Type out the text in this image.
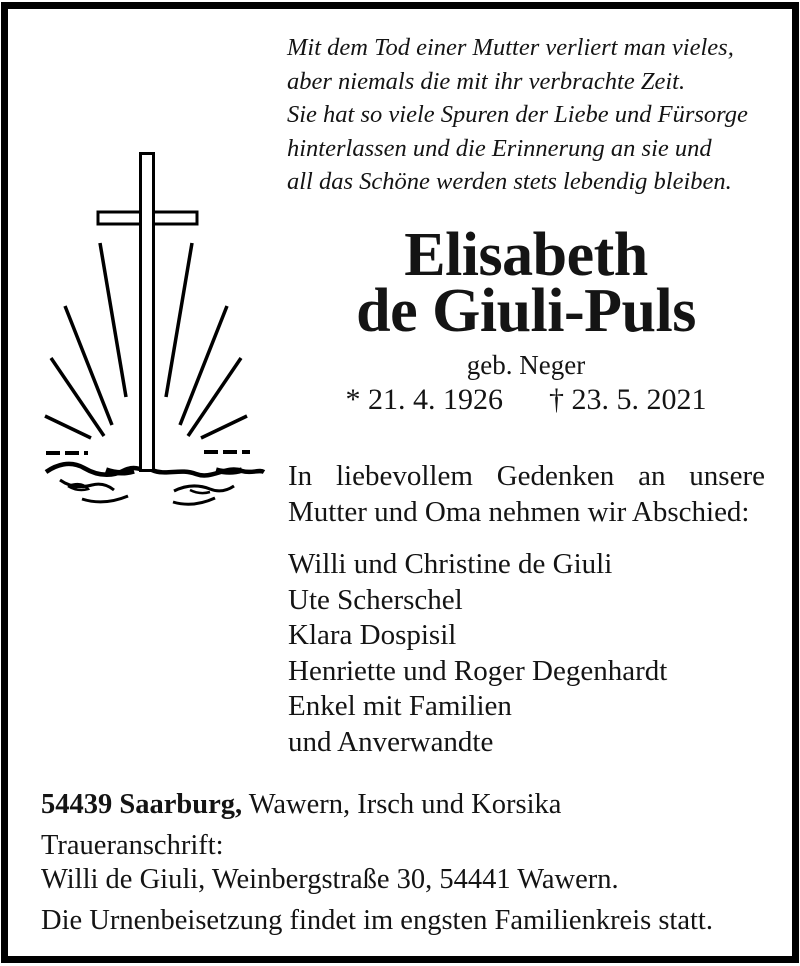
Mit dem Tod einer Mutter verliert man vieles,
aber niemals die mit ihr verbrachte Zeit.
Sie hat so viele Spuren der Liebe und Fürsorge
hinterlassen und die Erinnerung an sie und
all das Schöne werden stets lebendig bleiben.
Elisabeth
de Giuli-Puls
geb. Neger
* 21. 4. 1926 † 23. 5. 2021
In liebevollem Gedenken an unsere
Mutter und Oma nehmen wir Abschied:
Willi und Christine de Giuli
Ute Scherschel
Klara Dospisil
Henriette und Roger Degenhardt
Enkel mit Familien
und Anverwandte
54439 Saarburg, Wawern, Irsch und Korsika
Traueranschrift:
Willi de Giuli, Weinbergstraße 30, 54441 Wawern.
Die Urnenbeisetzung findet im engsten Familienkreis statt.
